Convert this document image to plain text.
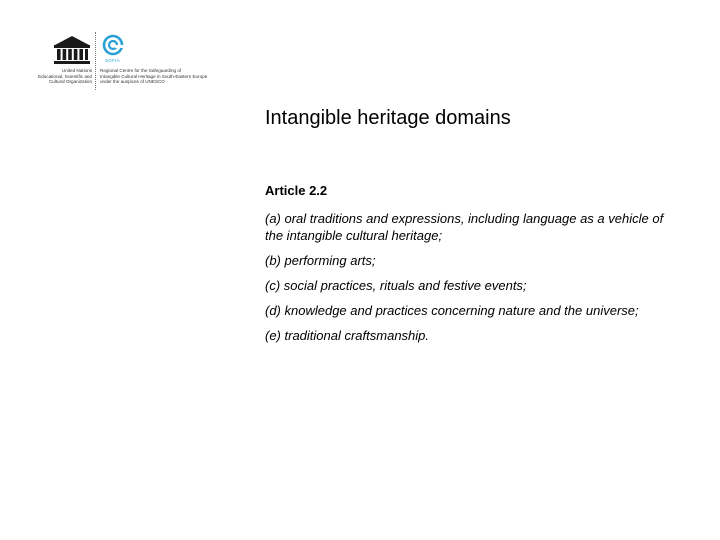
United Nations
Educational, Scientific and
Cultural Organization
SOFIA
Regional Centre for the Safeguarding of
Intangible Cultural Heritage in South-Eastern Europe
under the auspices of UNESCO
Intangible heritage domains
Article 2.2
(a) oral traditions and expressions, including language as a vehicle of the intangible cultural heritage;
(b) performing arts;
(c) social practices, rituals and festive events;
(d) knowledge and practices concerning nature and the universe;
(e) traditional craftsmanship.
